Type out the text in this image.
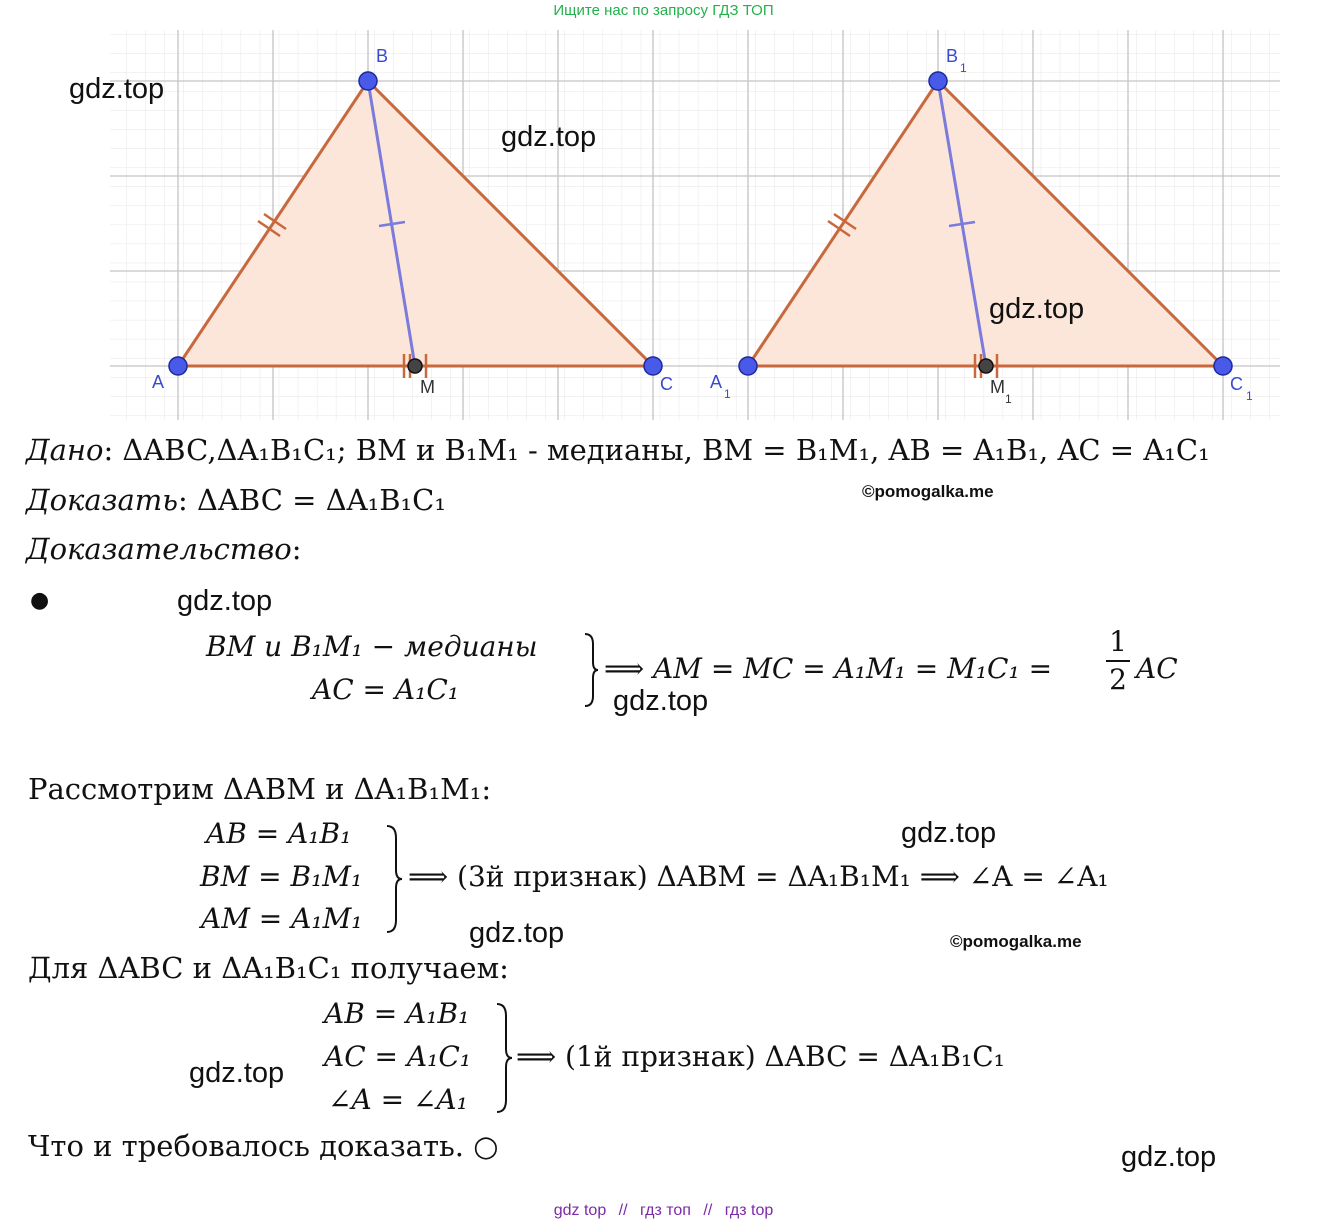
Ищите нас по запросу ГДЗ ТОП
A
B
C
M	A
1
B
1
C
1
M
1
gdz.top
gdz.top
gdz.top
gdz.top
gdz.top
gdz.top
gdz.top
gdz.top
gdz.top
©pomogalka.me
©pomogalka.me
Дано: ΔABC,ΔA₁B₁C₁; BM и B₁M₁ - медианы, BM = B₁M₁, AB = A₁B₁, AC = A₁C₁
Доказать: ΔABC = ΔA₁B₁C₁
Доказательство:
●
BM и B₁M₁ − медианы
AC = A₁C₁
⟹ AM = MC = A₁M₁ = M₁C₁ =
1
2 AC
Рассмотрим ΔABM и ΔA₁B₁M₁:
AB = A₁B₁
BM = B₁M₁
AM = A₁M₁
⟹ (3й признак) ΔABM = ΔA₁B₁M₁ ⟹ ∠A = ∠A₁
Для ΔABC и ΔA₁B₁C₁ получаем:
AB = A₁B₁
AC = A₁C₁
∠A = ∠A₁
⟹ (1й признак) ΔABC = ΔA₁B₁C₁
Что и требовалось доказать. ○
gdz top // гдз топ // гдз top
